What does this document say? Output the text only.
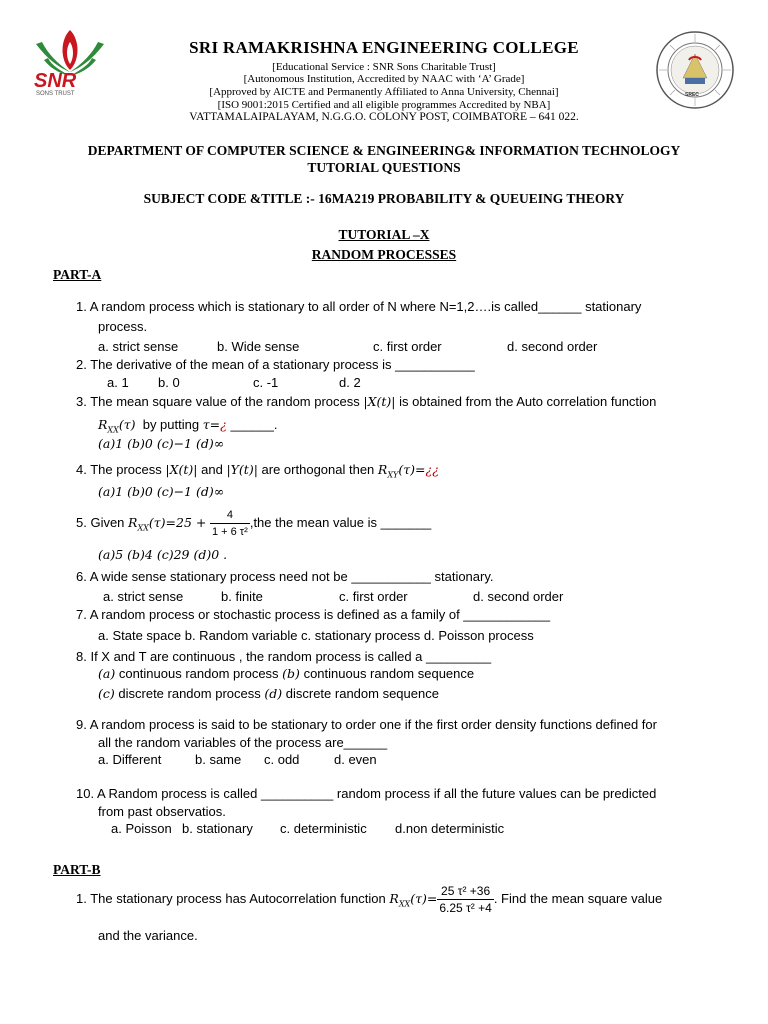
SNR
SONS TRUST	SREC
SRI RAMAKRISHNA ENGINEERING COLLEGE
[Educational Service : SNR Sons Charitable Trust]
[Autonomous Institution, Accredited by NAAC with ‘A’ Grade]
[Approved by AICTE and Permanently Affiliated to Anna University, Chennai]
[ISO 9001:2015 Certified and all eligible programmes Accredited by NBA]
VATTAMALAIPALAYAM, N.G.G.O. COLONY POST, COIMBATORE – 641 022.
DEPARTMENT OF COMPUTER SCIENCE & ENGINEERING& INFORMATION TECHNOLOGY
TUTORIAL QUESTIONS
SUBJECT CODE &TITLE :- 16MA219 PROBABILITY & QUEUEING THEORY
TUTORIAL –X
RANDOM PROCESSES
PART-A
1. A random process which is stationary to all order of N where N=1,2….is called______ stationary
process.
a. strict sense	b. Wide sense	c. first order	d. second order
2. The derivative of the mean of a stationary process is ___________
a. 1 b. 0	c. -1	d. 2
3. The mean square value of the random process |X(t)| is obtained from the Auto correlation function
$R_{XX}(\tau)$ by putting τ=¿ ______.
(a)1 (b)0 (c)−1 (d)∞
4. The process |X(t)| and |Y(t)| are orthogonal then $R_{XY}(\tau)=¿¿$
(a)1 (b)0 (c)−1 (d)∞
5. Given $R_{XX}(\tau)=25 + \frac{4}{\text{1 + 6 τ²}} ,the$ the mean value is _______
(a)5 (b)4 (c)29 (d)0 .
6. A wide sense stationary process need not be ___________ stationary.
a. strict sense	b. finite	c. first order	d. second order
7. A random process or stochastic process is defined as a family of ____________
a. State space b. Random variable c. stationary process d. Poisson process
8. If X and T are continuous , the random process is called a _________
(a) continuous random process (b) continuous random sequence
(c) discrete random process (d) discrete random sequence
9. A random process is said to be stationary to order one if the first order density functions defined for
all the random variables of the process are______
a. Different	b. same c. odd	d. even
10. A Random process is called __________ random process if all the future values can be predicted
from past observatios.
a. Poisson b. stationary c. deterministic d.non deterministic
PART-B
1. The stationary process has Autocorrelation function $R_{XX}(\tau)= \frac{\text{25 τ² +36}}{\text{6.25 τ² +4}}$ . Find the mean square value
and the variance.
